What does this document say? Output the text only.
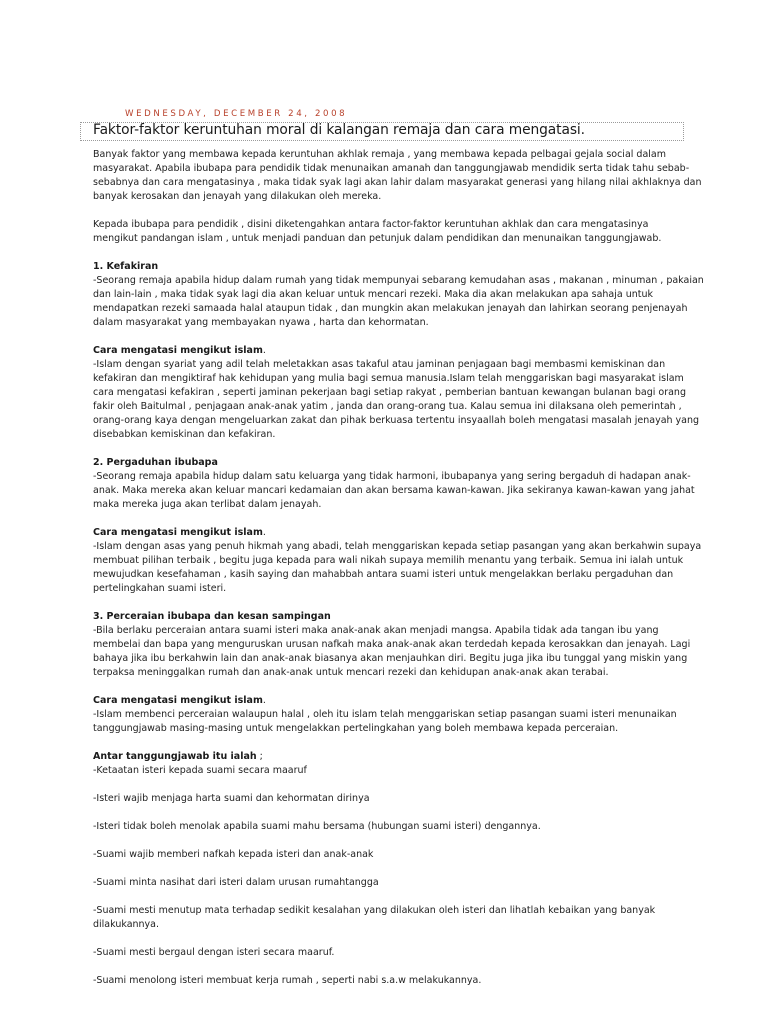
WEDNESDAY, DECEMBER 24, 2008
Faktor-faktor keruntuhan moral di kalangan remaja dan cara mengatasi.
Banyak faktor yang membawa kepada keruntuhan akhlak remaja , yang membawa kepada pelbagai gejala social dalam
masyarakat. Apabila ibubapa para pendidik tidak menunaikan amanah dan tanggungjawab mendidik serta tidak tahu sebab-
sebabnya dan cara mengatasinya , maka tidak syak lagi akan lahir dalam masyarakat generasi yang hilang nilai akhlaknya dan
banyak kerosakan dan jenayah yang dilakukan oleh mereka.
Kepada ibubapa para pendidik , disini diketengahkan antara factor-faktor keruntuhan akhlak dan cara mengatasinya
mengikut pandangan islam , untuk menjadi panduan dan petunjuk dalam pendidikan dan menunaikan tanggungjawab.
1. Kefakiran
-Seorang remaja apabila hidup dalam rumah yang tidak mempunyai sebarang kemudahan asas , makanan , minuman , pakaian
dan lain-lain , maka tidak syak lagi dia akan keluar untuk mencari rezeki. Maka dia akan melakukan apa sahaja untuk
mendapatkan rezeki samaada halal ataupun tidak , dan mungkin akan melakukan jenayah dan lahirkan seorang penjenayah
dalam masyarakat yang membayakan nyawa , harta dan kehormatan.
Cara mengatasi mengikut islam.
-Islam dengan syariat yang adil telah meletakkan asas takaful atau jaminan penjagaan bagi membasmi kemiskinan dan
kefakiran dan mengiktiraf hak kehidupan yang mulia bagi semua manusia.Islam telah menggariskan bagi masyarakat islam
cara mengatasi kefakiran , seperti jaminan pekerjaan bagi setiap rakyat , pemberian bantuan kewangan bulanan bagi orang
fakir oleh Baitulmal , penjagaan anak-anak yatim , janda dan orang-orang tua. Kalau semua ini dilaksana oleh pemerintah ,
orang-orang kaya dengan mengeluarkan zakat dan pihak berkuasa tertentu insyaallah boleh mengatasi masalah jenayah yang
disebabkan kemiskinan dan kefakiran.
2. Pergaduhan ibubapa
-Seorang remaja apabila hidup dalam satu keluarga yang tidak harmoni, ibubapanya yang sering bergaduh di hadapan anak-
anak. Maka mereka akan keluar mancari kedamaian dan akan bersama kawan-kawan. Jika sekiranya kawan-kawan yang jahat
maka mereka juga akan terlibat dalam jenayah.
Cara mengatasi mengikut islam.
-Islam dengan asas yang penuh hikmah yang abadi, telah menggariskan kepada setiap pasangan yang akan berkahwin supaya
membuat pilihan terbaik , begitu juga kepada para wali nikah supaya memilih menantu yang terbaik. Semua ini ialah untuk
mewujudkan kesefahaman , kasih saying dan mahabbah antara suami isteri untuk mengelakkan berlaku pergaduhan dan
pertelingkahan suami isteri.
3. Perceraian ibubapa dan kesan sampingan
-Bila berlaku perceraian antara suami isteri maka anak-anak akan menjadi mangsa. Apabila tidak ada tangan ibu yang
membelai dan bapa yang menguruskan urusan nafkah maka anak-anak akan terdedah kepada kerosakkan dan jenayah. Lagi
bahaya jika ibu berkahwin lain dan anak-anak biasanya akan menjauhkan diri. Begitu juga jika ibu tunggal yang miskin yang
terpaksa meninggalkan rumah dan anak-anak untuk mencari rezeki dan kehidupan anak-anak akan terabai.
Cara mengatasi mengikut islam.
-Islam membenci perceraian walaupun halal , oleh itu islam telah menggariskan setiap pasangan suami isteri menunaikan
tanggungjawab masing-masing untuk mengelakkan pertelingkahan yang boleh membawa kepada perceraian.
Antar tanggungjawab itu ialah ;
-Ketaatan isteri kepada suami secara maaruf
-Isteri wajib menjaga harta suami dan kehormatan dirinya
-Isteri tidak boleh menolak apabila suami mahu bersama (hubungan suami isteri) dengannya.
-Suami wajib memberi nafkah kepada isteri dan anak-anak
-Suami minta nasihat dari isteri dalam urusan rumahtangga
-Suami mesti menutup mata terhadap sedikit kesalahan yang dilakukan oleh isteri dan lihatlah kebaikan yang banyak
dilakukannya.
-Suami mesti bergaul dengan isteri secara maaruf.
-Suami menolong isteri membuat kerja rumah , seperti nabi s.a.w melakukannya.
